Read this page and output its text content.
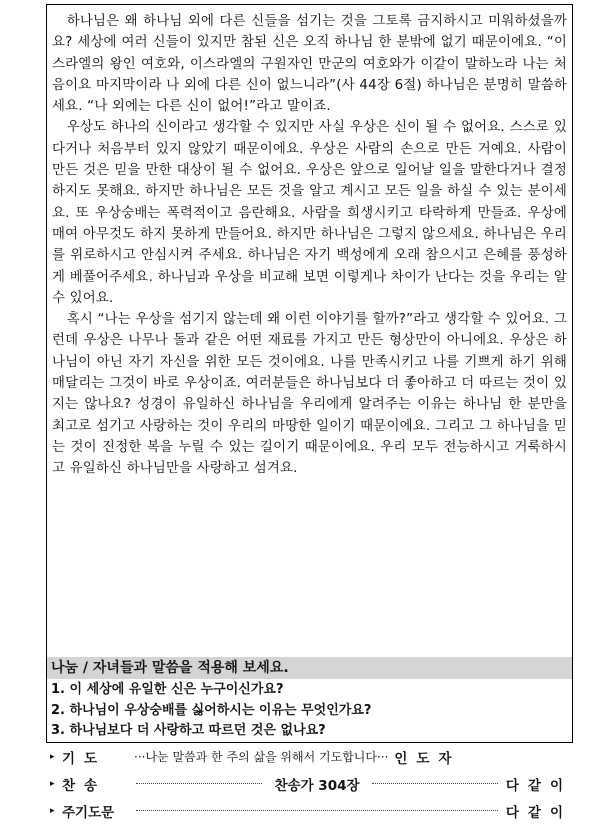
하나님은 왜 하나님 외에 다른 신들을 섬기는 것을 그토록 금지하시고 미워하셨을까요? 세상에 여러 신들이 있지만 참된 신은 오직 하나님 한 분밖에 없기 때문이에요. “이스라엘의 왕인 여호와, 이스라엘의 구원자인 만군의 여호와가 이같이 말하노라 나는 처음이요 마지막이라 나 외에 다른 신이 없느니라”(사 44장 6절) 하나님은 분명히 말씀하세요. “나 외에는 다른 신이 없어!”라고 말이죠.

우상도 하나의 신이라고 생각할 수 있지만 사실 우상은 신이 될 수 없어요. 스스로 있다거나 처음부터 있지 않았기 때문이에요. 우상은 사람의 손으로 만든 거예요. 사람이 만든 것은 믿을 만한 대상이 될 수 없어요. 우상은 앞으로 일어날 일을 말한다거나 결정하지도 못해요. 하지만 하나님은 모든 것을 알고 계시고 모든 일을 하실 수 있는 분이세요. 또 우상숭배는 폭력적이고 음란해요. 사람을 희생시키고 타락하게 만들죠. 우상에 매여 아무것도 하지 못하게 만들어요. 하지만 하나님은 그렇지 않으세요. 하나님은 우리를 위로하시고 안심시켜 주세요. 하나님은 자기 백성에게 오래 참으시고 은혜를 풍성하게 베풀어주세요. 하나님과 우상을 비교해 보면 이렇게나 차이가 난다는 것을 우리는 알 수 있어요.

혹시 “나는 우상을 섬기지 않는데 왜 이런 이야기를 할까?”라고 생각할 수 있어요. 그런데 우상은 나무나 돌과 같은 어떤 재료를 가지고 만든 형상만이 아니에요. 우상은 하나님이 아닌 자기 자신을 위한 모든 것이에요. 나를 만족시키고 나를 기쁘게 하기 위해 매달리는 그것이 바로 우상이죠. 여러분들은 하나님보다 더 좋아하고 더 따르는 것이 있지는 않나요? 성경이 유일하신 하나님을 우리에게 알려주는 이유는 하나님 한 분만을 최고로 섬기고 사랑하는 것이 우리의 마땅한 일이기 때문이에요. 그리고 그 하나님을 믿는 것이 진정한 복을 누릴 수 있는 길이기 때문이에요. 우리 모두 전능하시고 거룩하시고 유일하신 하나님만을 사랑하고 섬겨요.

나눔 / 자녀들과 말씀을 적용해 보세요.
1. 이 세상에 유일한 신은 누구이신가요?
2. 하나님이 우상숭배를 싫어하시는 이유는 무엇인가요?
3. 하나님보다 더 사랑하고 따르던 것은 없나요?
▸ 기도	···나눈 말씀과 한 주의 삶을 위해서 기도합니다··· 인도자
▸ 찬송	찬송가 304장	다같이
▸ 주기도문	다같이
